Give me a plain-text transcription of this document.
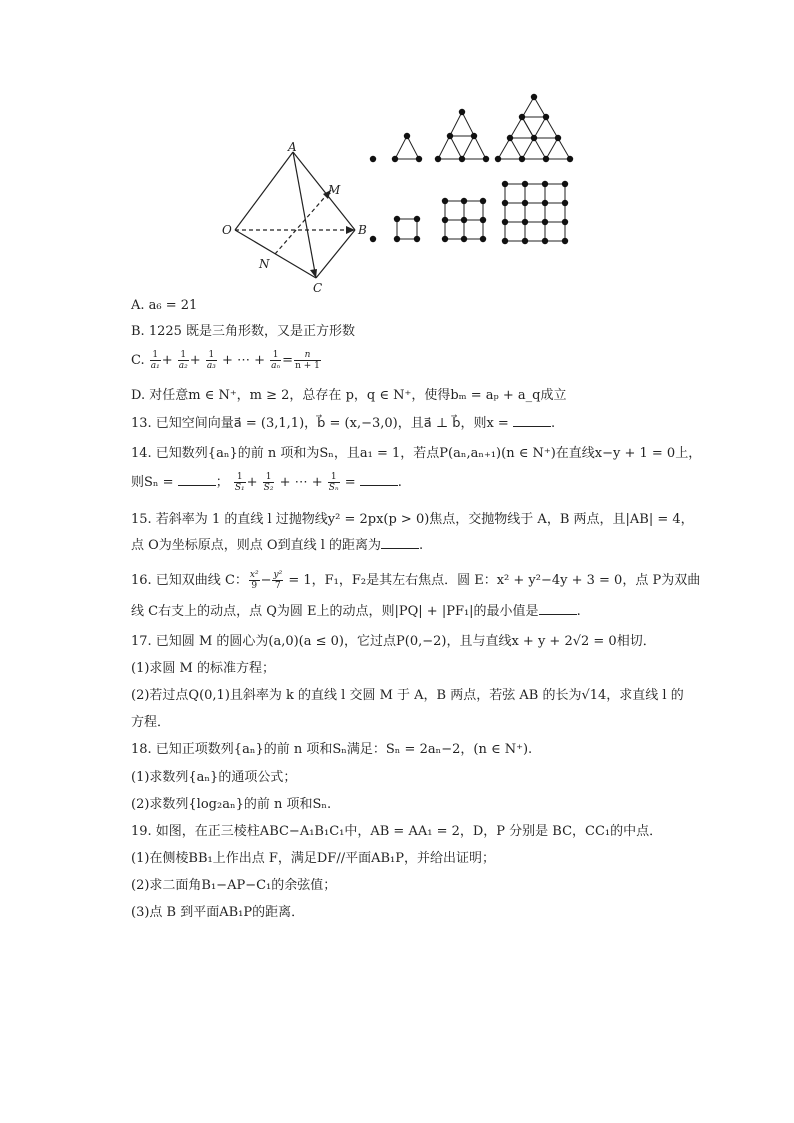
A
M
O	B
N
C
A. a₆ = 21
B. 1225 既是三角形数，又是正方形数
C. $\frac{1}{\text{a₁}} + \frac{1}{\text{a₂}} + \frac{1}{\text{a₃}}$ + ⋯ + $\frac{1}{\text{aₙ}} = \frac{n}{n + 1}$
D. 对任意m ∈ N⁺，m ≥ 2，总存在 p，q ∈ N⁺，使得bₘ = aₚ + a_q成立
13. 已知空间向量a⃗ = (3,1,1)，b⃗ = (x,−3,0)，且a⃗ ⊥ b⃗，则x =	.
14. 已知数列{aₙ}的前 n 项和为Sₙ，且a₁ = 1，若点P(aₙ,aₙ₊₁)(n ∈ N⁺)在直线x−y + 1 = 0上，
则Sₙ =	； $\frac{1}{\text{S₁}} + \frac{1}{\text{S₂}}$ + ⋯ + $\frac{1}{\text{Sₙ}}$ =	.
15. 若斜率为 1 的直线 l 过抛物线y² = 2px(p > 0)焦点，交抛物线于 A，B 两点，且|AB| = 4，
点 O为坐标原点，则点 O到直线 l 的距离为	.
16. 已知双曲线 C： $\frac{\text{x²}}{9} - \frac{\text{y²}}{7} = 1$，F₁，F₂是其左右焦点．圆 E：x² + y²−4y + 3 = 0，点 P为双曲
线 C右支上的动点，点 Q为圆 E上的动点，则|PQ| + |PF₁|的最小值是	.
17. 已知圆 M 的圆心为(a,0)(a ≤ 0)，它过点P(0,−2)，且与直线x + y + 2√2 = 0相切．
(1)求圆 M 的标准方程；
(2)若过点Q(0,1)且斜率为 k 的直线 l 交圆 M 于 A，B 两点，若弦 AB 的长为√14，求直线 l 的
方程．
18. 已知正项数列{aₙ}的前 n 项和Sₙ满足：Sₙ = 2aₙ−2，(n ∈ N⁺).
(1)求数列{aₙ}的通项公式；
(2)求数列{log₂aₙ}的前 n 项和Sₙ.
19. 如图，在正三棱柱ABC−A₁B₁C₁中，AB = AA₁ = 2，D，P 分别是 BC，CC₁的中点．
(1)在侧棱BB₁上作出点 F，满足DF//平面AB₁P，并给出证明；
(2)求二面角B₁−AP−C₁的余弦值；
(3)点 B 到平面AB₁P的距离．
